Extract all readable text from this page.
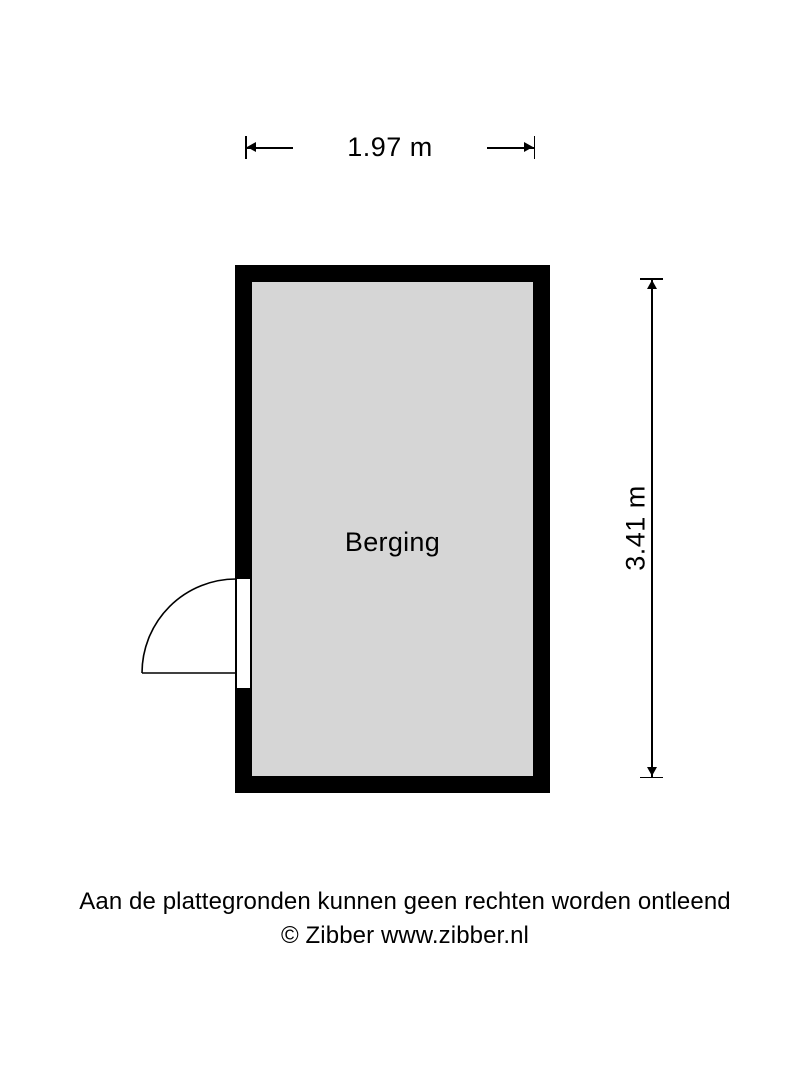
1.97 m
3.41 m
Berging
Aan de plattegronden kunnen geen rechten worden ontleend
© Zibber www.zibber.nl
